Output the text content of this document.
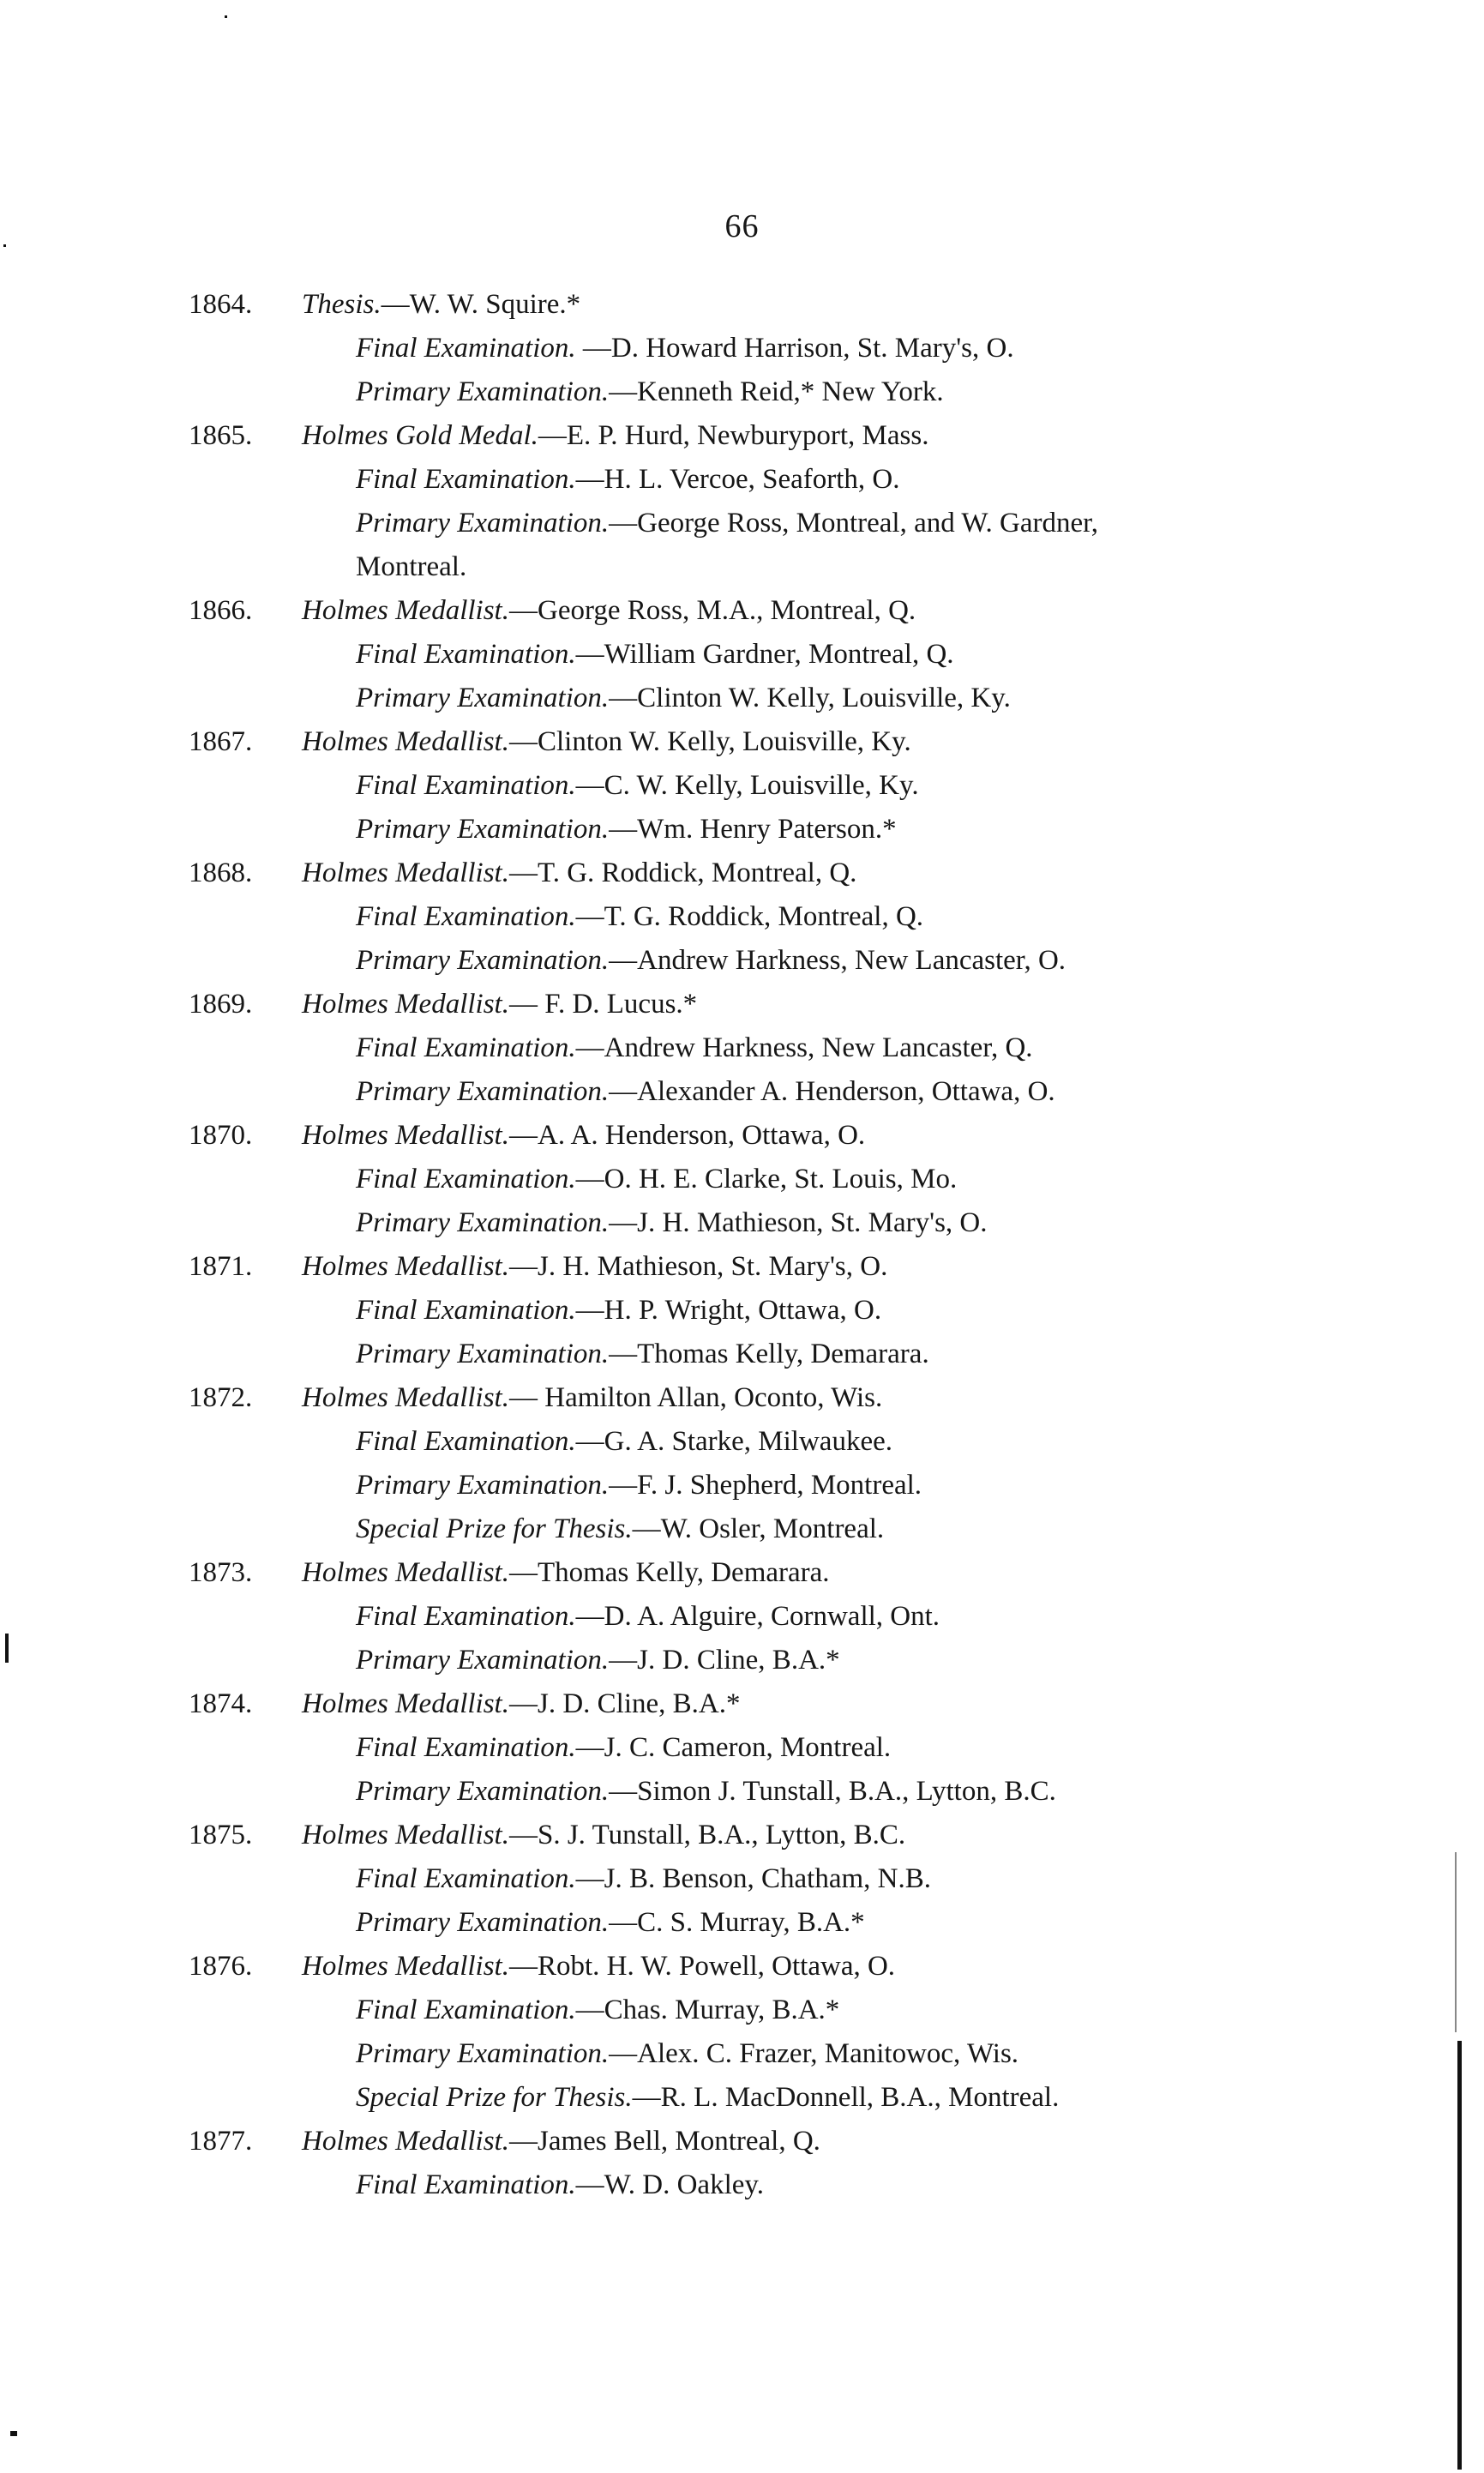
66
1864. Thesis.—W. W. Squire.*
Final Examination. —D. Howard Harrison, St. Mary's, O.
Primary Examination.—Kenneth Reid,* New York.
1865. Holmes Gold Medal.—E. P. Hurd, Newburyport, Mass.
Final Examination.—H. L. Vercoe, Seaforth, O.
Primary Examination.—George Ross, Montreal, and W. Gardner,
Montreal.
1866. Holmes Medallist.—George Ross, M.A., Montreal, Q.
Final Examination.—William Gardner, Montreal, Q.
Primary Examination.—Clinton W. Kelly, Louisville, Ky.
1867. Holmes Medallist.—Clinton W. Kelly, Louisville, Ky.
Final Examination.—C. W. Kelly, Louisville, Ky.
Primary Examination.—Wm. Henry Paterson.*
1868. Holmes Medallist.—T. G. Roddick, Montreal, Q.
Final Examination.—T. G. Roddick, Montreal, Q.
Primary Examination.—Andrew Harkness, New Lancaster, O.
1869. Holmes Medallist.— F. D. Lucus.*
Final Examination.—Andrew Harkness, New Lancaster, Q.
Primary Examination.—Alexander A. Henderson, Ottawa, O.
1870. Holmes Medallist.—A. A. Henderson, Ottawa, O.
Final Examination.—O. H. E. Clarke, St. Louis, Mo.
Primary Examination.—J. H. Mathieson, St. Mary's, O.
1871. Holmes Medallist.—J. H. Mathieson, St. Mary's, O.
Final Examination.—H. P. Wright, Ottawa, O.
Primary Examination.—Thomas Kelly, Demarara.
1872. Holmes Medallist.— Hamilton Allan, Oconto, Wis.
Final Examination.—G. A. Starke, Milwaukee.
Primary Examination.—F. J. Shepherd, Montreal.
Special Prize for Thesis.—W. Osler, Montreal.
1873. Holmes Medallist.—Thomas Kelly, Demarara.
Final Examination.—D. A. Alguire, Cornwall, Ont.
Primary Examination.—J. D. Cline, B.A.*
1874. Holmes Medallist.—J. D. Cline, B.A.*
Final Examination.—J. C. Cameron, Montreal.
Primary Examination.—Simon J. Tunstall, B.A., Lytton, B.C.
1875. Holmes Medallist.—S. J. Tunstall, B.A., Lytton, B.C.
Final Examination.—J. B. Benson, Chatham, N.B.
Primary Examination.—C. S. Murray, B.A.*
1876. Holmes Medallist.—Robt. H. W. Powell, Ottawa, O.
Final Examination.—Chas. Murray, B.A.*
Primary Examination.—Alex. C. Frazer, Manitowoc, Wis.
Special Prize for Thesis.—R. L. MacDonnell, B.A., Montreal.
1877. Holmes Medallist.—James Bell, Montreal, Q.
Final Examination.—W. D. Oakley.
